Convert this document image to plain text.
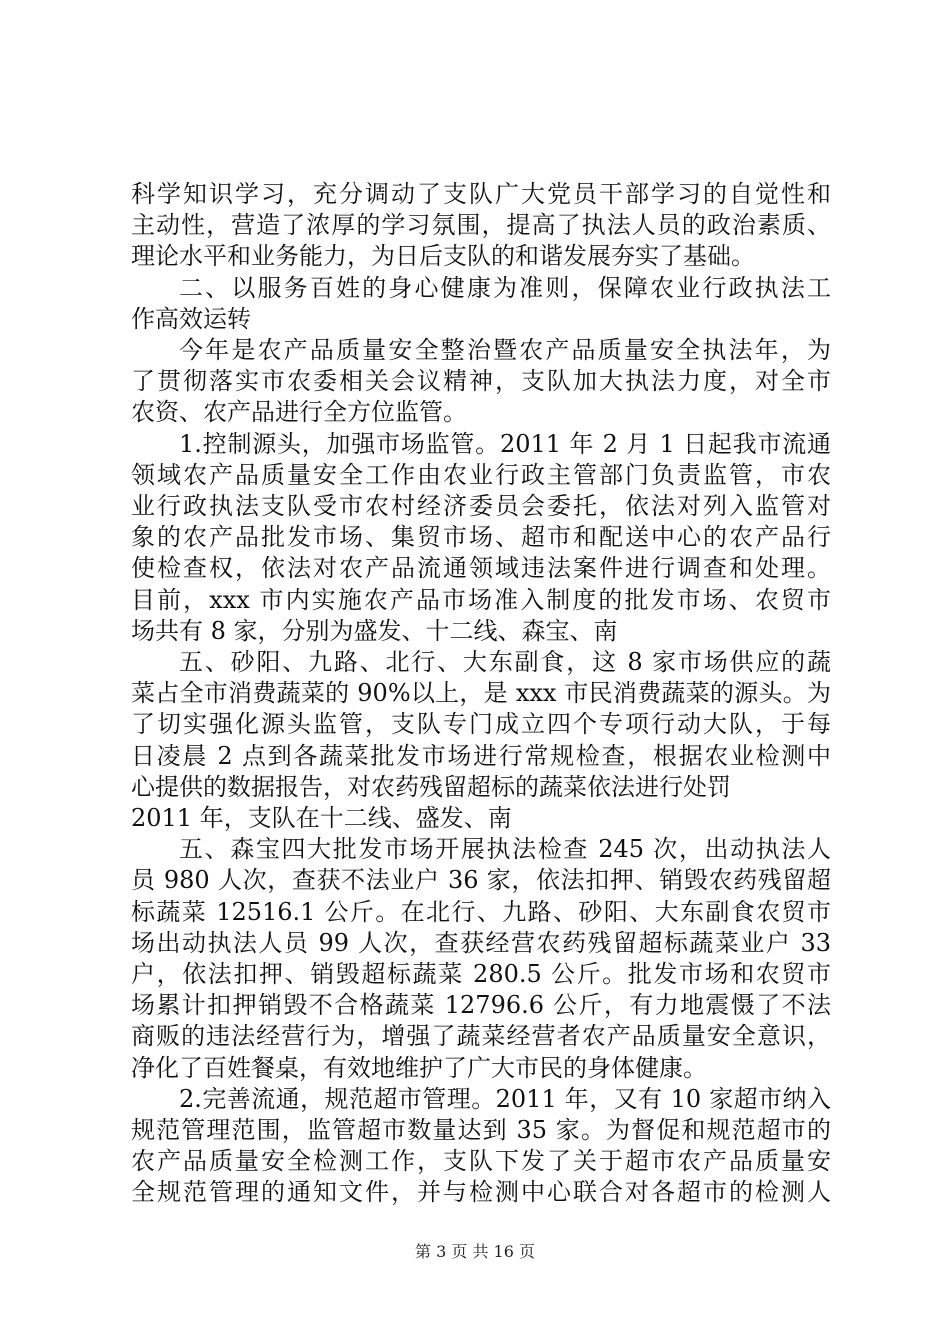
科学知识学习，充分调动了支队广大党员干部学习的自觉性和
主动性，营造了浓厚的学习氛围，提高了执法人员的政治素质、
理论水平和业务能力，为日后支队的和谐发展夯实了基础。
二、以服务百姓的身心健康为准则，保障农业行政执法工
作高效运转
今年是农产品质量安全整治暨农产品质量安全执法年，为
了贯彻落实市农委相关会议精神，支队加大执法力度，对全市
农资、农产品进行全方位监管。
1.控制源头，加强市场监管。2011 年 2 月 1 日起我市流通
领域农产品质量安全工作由农业行政主管部门负责监管，市农
业行政执法支队受市农村经济委员会委托，依法对列入监管对
象的农产品批发市场、集贸市场、超市和配送中心的农产品行
使检查权，依法对农产品流通领域违法案件进行调查和处理。
目前，xxx 市内实施农产品市场准入制度的批发市场、农贸市
场共有 8 家，分别为盛发、十二线、森宝、南
五、砂阳、九路、北行、大东副食，这 8 家市场供应的蔬
菜占全市消费蔬菜的 90%以上，是 xxx 市民消费蔬菜的源头。为
了切实强化源头监管，支队专门成立四个专项行动大队，于每
日凌晨 2 点到各蔬菜批发市场进行常规检查，根据农业检测中
心提供的数据报告，对农药残留超标的蔬菜依法进行处罚
2011 年，支队在十二线、盛发、南
五、森宝四大批发市场开展执法检查 245 次，出动执法人
员 980 人次，查获不法业户 36 家，依法扣押、销毁农药残留超
标蔬菜 12516.1 公斤。在北行、九路、砂阳、大东副食农贸市
场出动执法人员 99 人次，查获经营农药残留超标蔬菜业户 33
户，依法扣押、销毁超标蔬菜 280.5 公斤。批发市场和农贸市
场累计扣押销毁不合格蔬菜 12796.6 公斤，有力地震慑了不法
商贩的违法经营行为，增强了蔬菜经营者农产品质量安全意识，
净化了百姓餐桌，有效地维护了广大市民的身体健康。
2.完善流通，规范超市管理。2011 年，又有 10 家超市纳入
规范管理范围，监管超市数量达到 35 家。为督促和规范超市的
农产品质量安全检测工作，支队下发了关于超市农产品质量安
全规范管理的通知文件，并与检测中心联合对各超市的检测人
第 3 页 共 16 页
